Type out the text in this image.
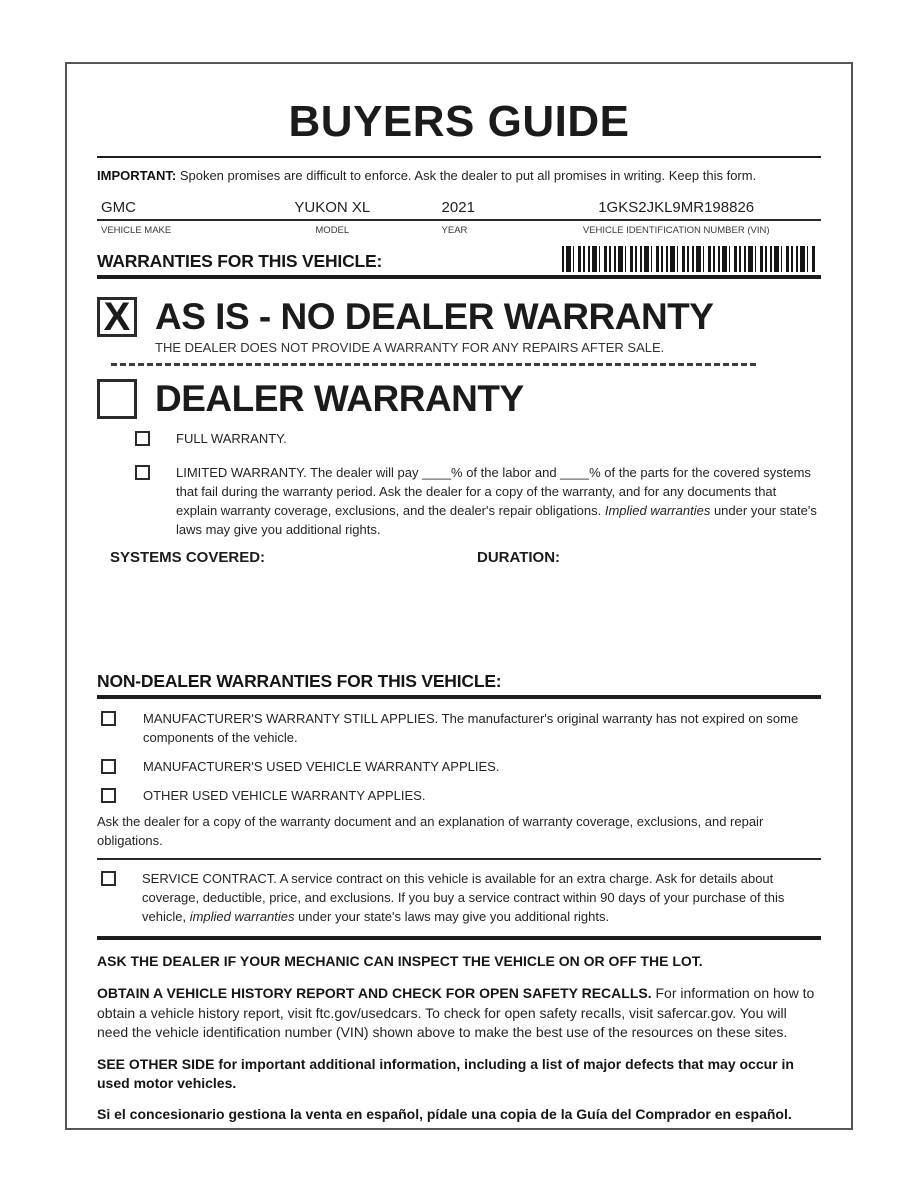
BUYERS GUIDE

IMPORTANT: Spoken promises are difficult to enforce. Ask the dealer to put all promises in writing. Keep this form.

GMC	YUKON XL	2021	1GKS2JKL9MR198826
VEHICLE MAKE	MODEL	YEAR	VEHICLE IDENTIFICATION NUMBER (VIN)
WARRANTIES FOR THIS VEHICLE:
X AS IS - NO DEALER WARRANTY
THE DEALER DOES NOT PROVIDE A WARRANTY FOR ANY REPAIRS AFTER SALE.
DEALER WARRANTY

FULL WARRANTY.

LIMITED WARRANTY. The dealer will pay ____% of the labor and ____% of the parts for the covered systems that fail during the warranty period. Ask the dealer for a copy of the warranty, and for any documents that explain warranty coverage, exclusions, and the dealer's repair obligations. Implied warranties under your state's laws may give you additional rights.

SYSTEMS COVERED:	DURATION:
NON-DEALER WARRANTIES FOR THIS VEHICLE:

MANUFACTURER'S WARRANTY STILL APPLIES. The manufacturer's original warranty has not expired on some components of the vehicle.

MANUFACTURER'S USED VEHICLE WARRANTY APPLIES.

OTHER USED VEHICLE WARRANTY APPLIES.

Ask the dealer for a copy of the warranty document and an explanation of warranty coverage, exclusions, and repair obligations.

SERVICE CONTRACT. A service contract on this vehicle is available for an extra charge. Ask for details about coverage, deductible, price, and exclusions. If you buy a service contract within 90 days of your purchase of this vehicle, implied warranties under your state's laws may give you additional rights.

ASK THE DEALER IF YOUR MECHANIC CAN INSPECT THE VEHICLE ON OR OFF THE LOT.

OBTAIN A VEHICLE HISTORY REPORT AND CHECK FOR OPEN SAFETY RECALLS. For information on how to obtain a vehicle history report, visit ftc.gov/usedcars. To check for open safety recalls, visit safercar.gov. You will need the vehicle identification number (VIN) shown above to make the best use of the resources on these sites.

SEE OTHER SIDE for important additional information, including a list of major defects that may occur in used motor vehicles.

Si el concesionario gestiona la venta en español, pídale una copia de la Guía del Comprador en español.
